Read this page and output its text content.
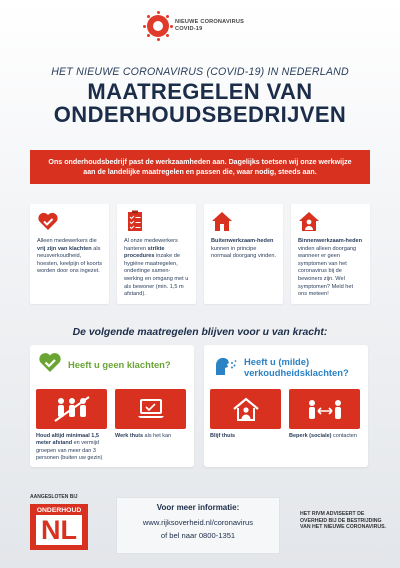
NIEUWE CORONAVIRUS
COVID-19
HET NIEUWE CORONAVIRUS (COVID-19) IN NEDERLAND
MAATREGELEN VAN
ONDERHOUDSBEDRIJVEN
Ons onderhoudsbedrijf past de werkzaamheden aan. Dagelijks toetsen wij onze werkwijze
aan de landelijke maatregelen en passen die, waar nodig, steeds aan.

Alleen medewerkers die vrij zijn van klachten als neusverkoudheid, hoesten, keelpijn of koorts worden door ons ingezet.

Al onze medewerkers hanteren strikte procedures inzake de hygiëne maatregelen, onderlinge samen-werking en omgang met u als bewoner (min. 1,5 m afstand).

Buitenwerkzaam-heden kunnen in principe normaal doorgang vinden.

Binnenwerkzaam-heden vinden alleen doorgang wanneer er geen symptomen van het coronavirus bij de bewoners zijn. Wel symptomen? Meld het ons meteen!

De volgende maatregelen blijven voor u van kracht:
Heeft u geen klachten?
Houd altijd minimaal 1,5 meter afstand en vermijd groepen van meer dan 3 personen (buiten uw gezin)
Werk thuis als het kan
Heeft u (milde)
verkoudheidsklachten?
Blijf thuis	Beperk (sociale) contacten
AANGESLOTEN BIJ
ONDERHOUD
NL
Voor meer informatie:
www.rijksoverheid.nl/coronavirus
of bel naar 0800-1351
HET RIVM ADVISEERT DE OVERHEID BIJ DE BESTRIJDING VAN HET NIEUWE CORONAVIRUS.
